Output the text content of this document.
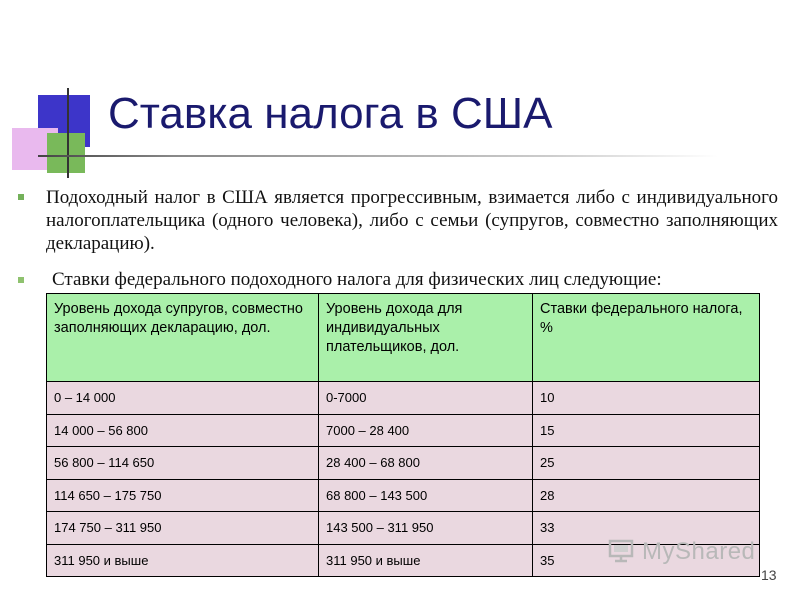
Ставка налога в США
Подоходный налог в США является прогрессивным, взимается либо с индивидуального налогоплательщика (одного человека), либо с семьи (супругов, совместно заполняющих декларацию).
Ставки федерального подоходного налога для физических лиц следующие:
Уровень дохода супругов, совместно заполняющих декларацию, дол.	Уровень дохода для индивидуальных плательщиков, дол.	Ставки федерального налога, %
0 – 14 000	0-7000	10
14 000 – 56 800	7000 – 28 400	15
56 800 – 114 650	28 400 – 68 800	25
114 650 – 175 750	68 800 – 143 500	28
174 750 – 311 950	143 500 – 311 950	33
311 950 и выше	311 950 и выше	35	MyShared
13
